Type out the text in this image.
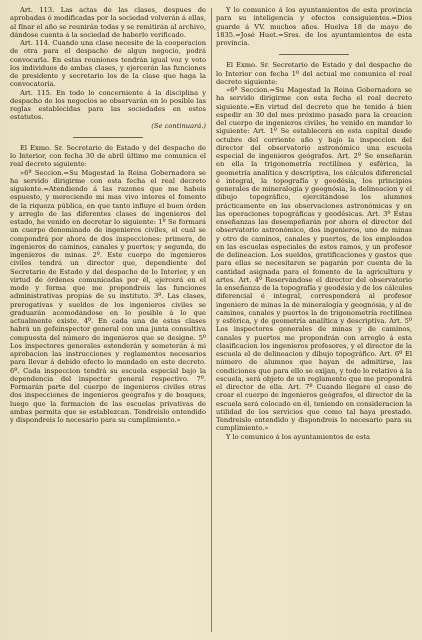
Art. 113. Las actas de las clases, despues de aprobadas ó modificadas por la sociedad volverán á ellas, al fínar el año se reunirán todas y se remitirán al archivo, dándose cuenta á la sociedad de haberlo verificado.

Art. 114. Cuando una clase necesite de la cooperacion de otra para el despacho de algun negocio, podrá convocarla. En estas reuniones tendrán igual voz y voto los individuos de ambas clases, y ejercerán las funciones de presidente y secretario los de la clase que haga la convocatoria.

Art. 115. En todo lo concerniente á la disciplina y despacho de los negocios se observarán en lo posible las reglas establecidas para las sociedades en estos estatutos.

(Se continuará.)

El Exmo. Sr. Secretario de Estado y del despacho de lo Interior, con fecha 30 de abril último me comunica el real decreto siguiente:

»6ª Seccion.=Su Magestad la Reina Gobernadora se ha servido dirigirme con esta fecha el real decreto siguiente.=Atendiendo á las razones que me habeis espuesto, y mereciendo mi mas vivo interes el fomento de la riqueza pública, en que tanto influye el buen órden y arreglo de las diferentes clases de ingenieros del estado, he venido en decretar lo siguiente: 1º Se formará un cuerpo denominado de ingenieros civiles, el cual se compondrá por ahora de dos inspecciones: primera, de ingenieros de caminos, canales y puertos; y segunda, de ingenieros de minas. 2º. Este cuerpo de ingenieros civiles tendrá un director que, dependiente del Secretario de Estado y del despacho de lo Interior, y en virtud de órdenes comunicadas por él, ejercerá en el modo y forma que me propondreis las funciones administrativas propias de su instituto. 3º. Las clases, prerogativas y sueldos de los ingenieros civiles se graduarán acomodándose en lo posible á lo que actualmente existe. 4º. En cada una de estas clases habrá un gefeinspector general con una junta consultiva compuesta del número de ingenieros que se designe. 5º Los inspectores generales estenderán y someterán á mi aprobacion las instrucciones y reglamentos necesarios para llevar á debido efecto lo mandado en este decreto. 6º. Cada inspeccion tendrá su escuela especial bajo la dependencia del inspector general respectivo. 7º. Formarán parte del cuerpo de ingenieros civiles otras dos inspecciones de ingenieros geógrafos y de bosques, luego que la formacion de las escuelas privativas de ambas permita que se establezcan. Tendreislo entendido y dispondreis lo necesario para su cumplimiento.»

Y lo comunico á los ayuntamientos de esta provincia para su inteligencia y efectos consiguientes.=Dios guarde á VV. muchos años. Huelva 18 de mayo de 1835.=José Huet.=Sres. de los ayuntamientos de esta provincia.

El Exmo. Sr. Secretario de Estado y del despacho de lo Interior con fecha 1º del actual me comunica el real decreto siguiente:

»6ª Seccion.=Su Magestad la Reina Gobernadora se ha servido dirigirme con esta fecha el real decreto siguiente.=En virtud del decreto que he tenido á bien espedir en 30 del mes próximo pasado para la creacion del cuerpo de ingenieros civiles, he venido en mandar lo siguiente: Art. 1º Se establecerá en esta capital desde octubre del corriente año y bajo la inspeccion del director del observatorio astronómico una escuela especial de ingenieros geógrafos. Art. 2º Se enseñarán en ella la trigonometría rectilínea y esférica, la geometría analítica y descriptiva, los cálculos diferencial é integral, la topografía y geodésia, los principios generales de mineralogía y geognósia, la delineacion y el dibujo topográfico, ejercitándose los alumnos prácticamente en las observaciones astronómicas y en las operaciones topográficas y geodésicas. Art. 3º Estas enseñanzas las desempeñarán por ahora el director del observatorio astronómico, dos ingenieros, uno de minas y otro de caminos, canales y puertos, de los empleados en las escuelas especiales de estos ramos, y un profesor de delineacion. Los sueldos, gratificaciones y gastos que para ellas se necesitaren se pagarán por cuenta de la cantidad asignada para el fomento de la agricultura y artes. Art. 4º Reservándose el director del observatorio la enseñanza de la topografía y geodésia y de los cálculos diferencial é integral, corresponderá al profesor ingeniero de minas la de mineralogía y geognósia, y al de caminos, canales y puertos la de trigonometría rectilínea y esférica, y de geometría analítica y descriptiva. Art. 5º Los inspectores generales de minas y de caminos, canales y puertos me propondrán con arreglo á esta clasificacion los ingenieros profesores, y el director de la escuela el de delineacion y dibujo topográfico. Art. 6º El número de alumnos que hayan de admitirse, las condiciones que para ello se exijan, y todo lo relativo á la escuela, será objeto de un reglamento que me propondrá el director de ella. Art. 7º Cuando llegare el caso de crear el cuerpo de ingenieros geógrafos, el director de la escuela será colocado en él, teniendo en consideracion la utilidad de los servicios que como tal haya prestado. Tendreislo entendido y dispondreis lo necesario para su cumplimiento.»

Y lo comunico á los ayuntamientos de esta
